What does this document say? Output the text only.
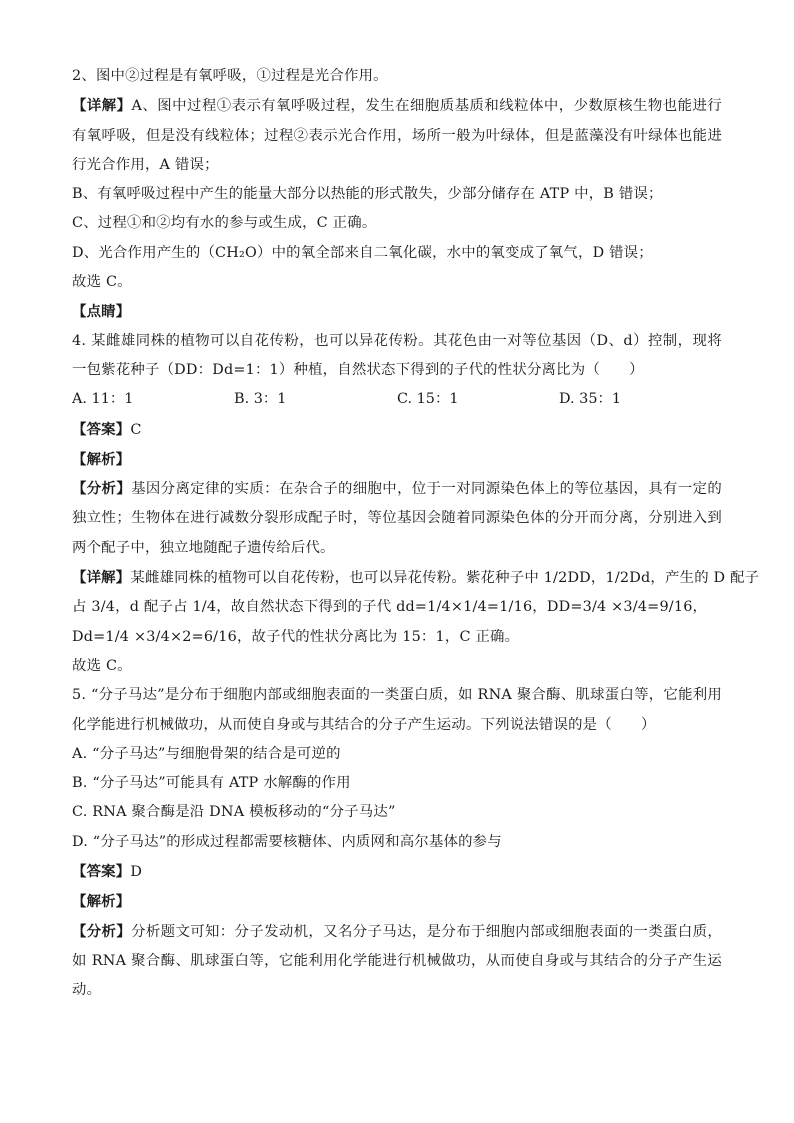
2、图中②过程是有氧呼吸，①过程是光合作用。
【详解】A、图中过程①表示有氧呼吸过程，发生在细胞质基质和线粒体中，少数原核生物也能进行有氧呼吸，但是没有线粒体；过程②表示光合作用，场所一般为叶绿体，但是蓝藻没有叶绿体也能进行光合作用，A 错误；
B、有氧呼吸过程中产生的能量大部分以热能的形式散失，少部分储存在 ATP 中，B 错误；
C、过程①和②均有水的参与或生成，C 正确。
D、光合作用产生的（CH₂O）中的氧全部来自二氧化碳，水中的氧变成了氧气，D 错误；
故选 C。
【点睛】
4. 某雌雄同株的植物可以自花传粉，也可以异花传粉。其花色由一对等位基因（D、d）控制，现将一包紫花种子（DD：Dd=1：1）种植，自然状态下得到的子代的性状分离比为（　　）
A. 11：1	B. 3：1	C. 15：1	D. 35：1
【答案】C
【解析】
【分析】基因分离定律的实质：在杂合子的细胞中，位于一对同源染色体上的等位基因，具有一定的独立性；生物体在进行减数分裂形成配子时，等位基因会随着同源染色体的分开而分离，分别进入到两个配子中，独立地随配子遗传给后代。
【详解】某雌雄同株的植物可以自花传粉，也可以异花传粉。紫花种子中 1/2DD，1/2Dd，产生的 D 配子
占 3/4，d 配子占 1/4，故自然状态下得到的子代 dd=1/4×1/4=1/16，DD=3/4 ×3/4=9/16，
Dd=1/4 ×3/4×2=6/16，故子代的性状分离比为 15：1，C 正确。
故选 C。
5. “分子马达”是分布于细胞内部或细胞表面的一类蛋白质，如 RNA 聚合酶、肌球蛋白等，它能利用化学能进行机械做功，从而使自身或与其结合的分子产生运动。下列说法错误的是（　　）
A. “分子马达”与细胞骨架的结合是可逆的
B. “分子马达”可能具有 ATP 水解酶的作用
C. RNA 聚合酶是沿 DNA 模板移动的“分子马达”
D. “分子马达”的形成过程都需要核糖体、内质网和高尔基体的参与
【答案】D
【解析】
【分析】分析题文可知：分子发动机，又名分子马达，是分布于细胞内部或细胞表面的一类蛋白质，如 RNA 聚合酶、肌球蛋白等，它能利用化学能进行机械做功，从而使自身或与其结合的分子产生运动。
